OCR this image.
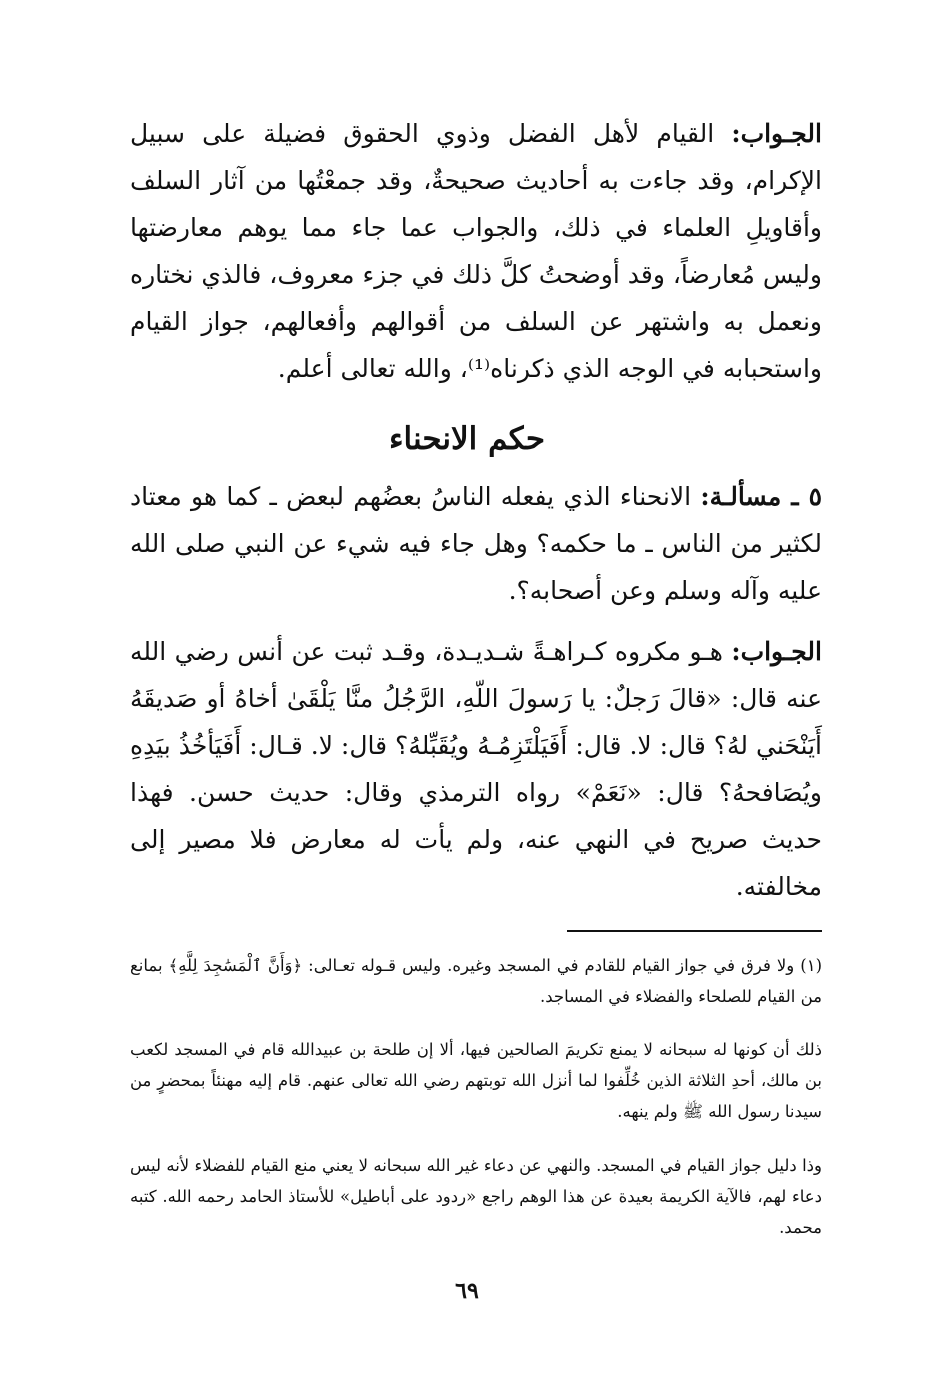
الجـواب: القيام لأهل الفضل وذوي الحقوق فضيلة على سبيل الإكرام، وقد جاءت به أحاديث صحيحةٌ، وقد جمعْتُها من آثار السلف وأقاويلِ العلماء في ذلك، والجواب عما جاء مما يوهم معارضتها وليس مُعارضاً، وقد أوضحتُ كلَّ ذلك في جزء معروف، فالذي نختاره ونعمل به واشتهر عن السلف من أقوالهم وأفعالهم، جواز القيام واستحبابه في الوجه الذي ذكرناه⁽¹⁾، والله تعالى أعلم.

حكم الانحناء

٥ ـ مسألـة: الانحناء الذي يفعله الناسُ بعضُهم لبعض ـ كما هو معتاد لكثير من الناس ـ ما حكمه؟ وهل جاء فيه شيء عن النبي صلى الله عليه وآله وسلم وعن أصحابه؟.

الجـواب: هـو مكروه كـراهـةً شـديـدة، وقـد ثبت عن أنس رضي الله عنه قال: «قالَ رَجلٌ: يا رَسولَ اللّهِ، الرَّجُلُ منَّا يَلْقَىٰ أخاهُ أو صَديقَهُ أَيَنْحَني لهُ؟ قال: لا. قال: أَفَيَلْتَزِمُـهُ ويُقَبِّلهُ؟ قال: لا. قـال: أَفَيَأخُذُ بيَدِهِ ويُصَافحهُ؟ قال: «نَعَمْ» رواه الترمذي وقال: حديث حسن. فهذا حديث صريح في النهي عنه، ولم يأت له معارض فلا مصير إلى مخالفته.

(١) ولا فرق في جواز القيام للقادم في المسجد وغيره. وليس قـوله تعـالى: ﴿وَأَنَّ ٱلْمَسَٰجِدَ لِلَّهِ﴾ بمانع من القيام للصلحاء والفضلاء في المساجد.

ذلك أن كونها له سبحانه لا يمنع تكريمَ الصالحين فيها، ألا إن طلحة بن عبيدالله قام في المسجد لكعب بن مالك، أحدِ الثلاثة الذين خُلِّفوا لما أنزل الله توبتهم رضي الله تعالى عنهم. قام إليه مهنئاً بمحضرٍ من سيدنا رسول الله ﷺ ولم ينهه.

وذا دليل جواز القيام في المسجد. والنهي عن دعاء غير الله سبحانه لا يعني منع القيام للفضلاء لأنه ليس دعاء لهم، فالآية الكريمة بعيدة عن هذا الوهم راجع «ردود على أباطيل» للأستاذ الحامد رحمه الله. كتبه محمد.

٦٩
